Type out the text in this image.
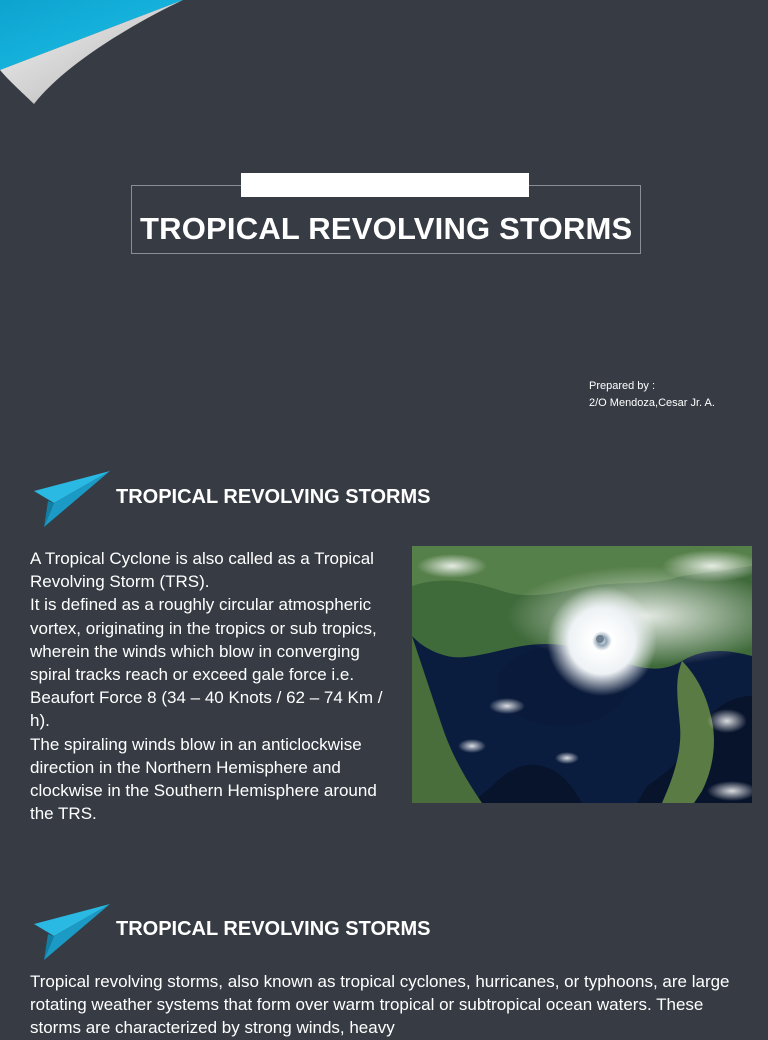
TROPICAL REVOLVING STORMS
Prepared by :
2/O Mendoza,Cesar Jr. A.
TROPICAL REVOLVING STORMS

A Tropical Cyclone is also called as a Tropical Revolving Storm (TRS).

It is defined as a roughly circular atmospheric vortex, originating in the tropics or sub tropics, wherein the winds which blow in converging spiral tracks reach or exceed gale force i.e. Beaufort Force 8 (34 – 40 Knots / 62 – 74 Km / h).

The spiraling winds blow in an anticlockwise direction in the Northern Hemisphere and clockwise in the Southern Hemisphere around the TRS.

TROPICAL REVOLVING STORMS
Tropical revolving storms, also known as tropical cyclones, hurricanes, or typhoons, are large rotating weather systems that form over warm tropical or subtropical ocean waters. These storms are characterized by strong winds, heavy
